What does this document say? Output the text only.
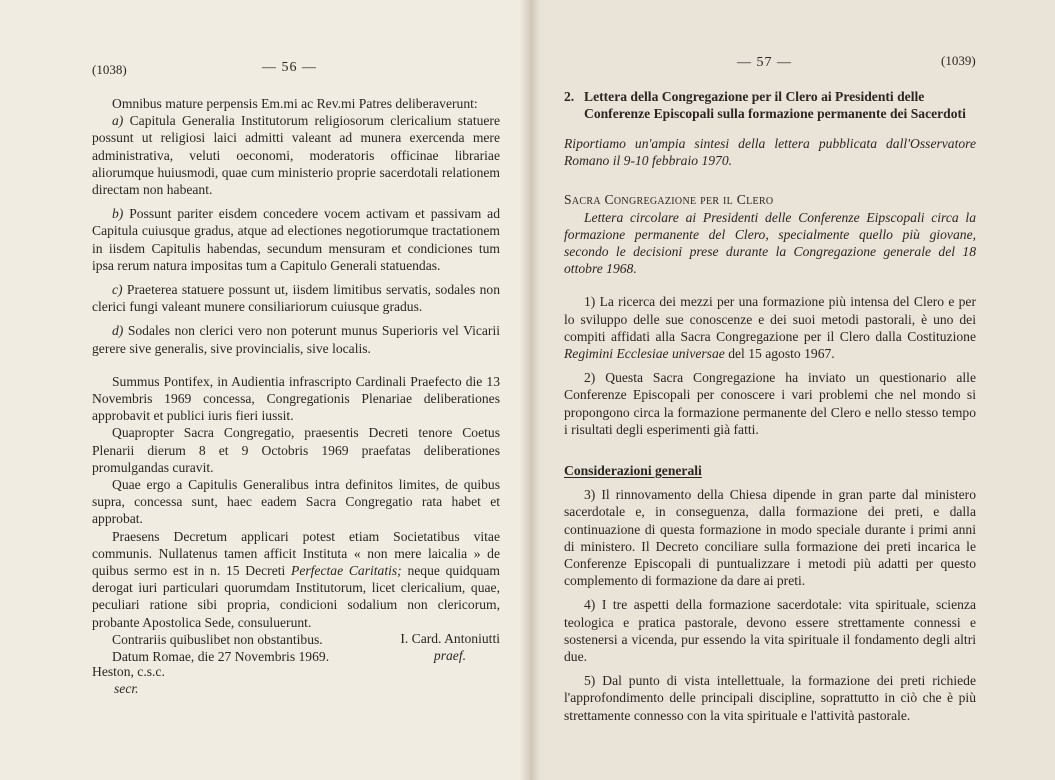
(1038)	— 56 —

Omnibus mature perpensis Em.mi ac Rev.mi Patres deliberaverunt:

a) Capitula Generalia Institutorum religiosorum clericalium statuere possunt ut religiosi laici admitti valeant ad munera exercenda mere administrativa, veluti oeconomi, moderatoris officinae librariae aliorumque huiusmodi, quae cum ministerio proprie sacerdotali relationem directam non habeant.

b) Possunt pariter eisdem concedere vocem activam et passivam ad Capitula cuiusque gradus, atque ad electiones negotiorumque tractationem in iisdem Capitulis habendas, secundum mensuram et condiciones tum ipsa rerum natura impositas tum a Capitulo Generali statuendas.

c) Praeterea statuere possunt ut, iisdem limitibus servatis, sodales non clerici fungi valeant munere consiliariorum cuiusque gradus.

d) Sodales non clerici vero non poterunt munus Superioris vel Vicarii gerere sive generalis, sive provincialis, sive localis.

Summus Pontifex, in Audientia infrascripto Cardinali Praefecto die 13 Novembris 1969 concessa, Congregationis Plenariae deliberationes approbavit et publici iuris fieri iussit.

Quapropter Sacra Congregatio, praesentis Decreti tenore Coetus Plenarii dierum 8 et 9 Octobris 1969 praefatas deliberationes promulgandas curavit.

Quae ergo a Capitulis Generalibus intra definitos limites, de quibus supra, concessa sunt, haec eadem Sacra Congregatio rata habet et approbat.

Praesens Decretum applicari potest etiam Societatibus vitae communis. Nullatenus tamen afficit Instituta « non mere laicalia » de quibus sermo est in n. 15 Decreti Perfectae Caritatis; neque quidquam derogat iuri particulari quorumdam Institutorum, licet clericalium, quae, peculiari ratione sibi propria, condicioni sodalium non clericorum, probante Apostolica Sede, consuluerunt.

Contrariis quibuslibet non obstantibus.

Datum Romae, die 27 Novembris 1969.

I. Card. Antoniutti
praef.
Heston, c.s.c.
secr.
— 57 —	(1039)
2. Lettera della Congregazione per il Clero ai Presidenti delle Conferenze Episcopali sulla formazione permanente dei Sacerdoti

Riportiamo un'ampia sintesi della lettera pubblicata dall'Osservatore Romano il 9-10 febbraio 1970.

Sacra Congregazione per il Clero

Lettera circolare ai Presidenti delle Conferenze Eipscopali circa la formazione permanente del Clero, specialmente quello più giovane, secondo le decisioni prese durante la Congregazione generale del 18 ottobre 1968.

1) La ricerca dei mezzi per una formazione più intensa del Clero e per lo sviluppo delle sue conoscenze e dei suoi metodi pastorali, è uno dei compiti affidati alla Sacra Congregazione per il Clero dalla Costituzione Regimini Ecclesiae universae del 15 agosto 1967.

2) Questa Sacra Congregazione ha inviato un questionario alle Conferenze Episcopali per conoscere i vari problemi che nel mondo si propongono circa la formazione permanente del Clero e nello stesso tempo i risultati degli esperimenti già fatti.

Considerazioni generali

3) Il rinnovamento della Chiesa dipende in gran parte dal ministero sacerdotale e, in conseguenza, dalla formazione dei preti, e dalla continuazione di questa formazione in modo speciale durante i primi anni di ministero. Il Decreto conciliare sulla formazione dei preti incarica le Conferenze Episcopali di puntualizzare i metodi più adatti per questo complemento di formazione da dare ai preti.

4) I tre aspetti della formazione sacerdotale: vita spirituale, scienza teologica e pratica pastorale, devono essere strettamente connessi e sostenersi a vicenda, pur essendo la vita spirituale il fondamento degli altri due.

5) Dal punto di vista intellettuale, la formazione dei preti richiede l'approfondimento delle principali discipline, soprattutto in ciò che è più strettamente connesso con la vita spirituale e l'attività pastorale.
